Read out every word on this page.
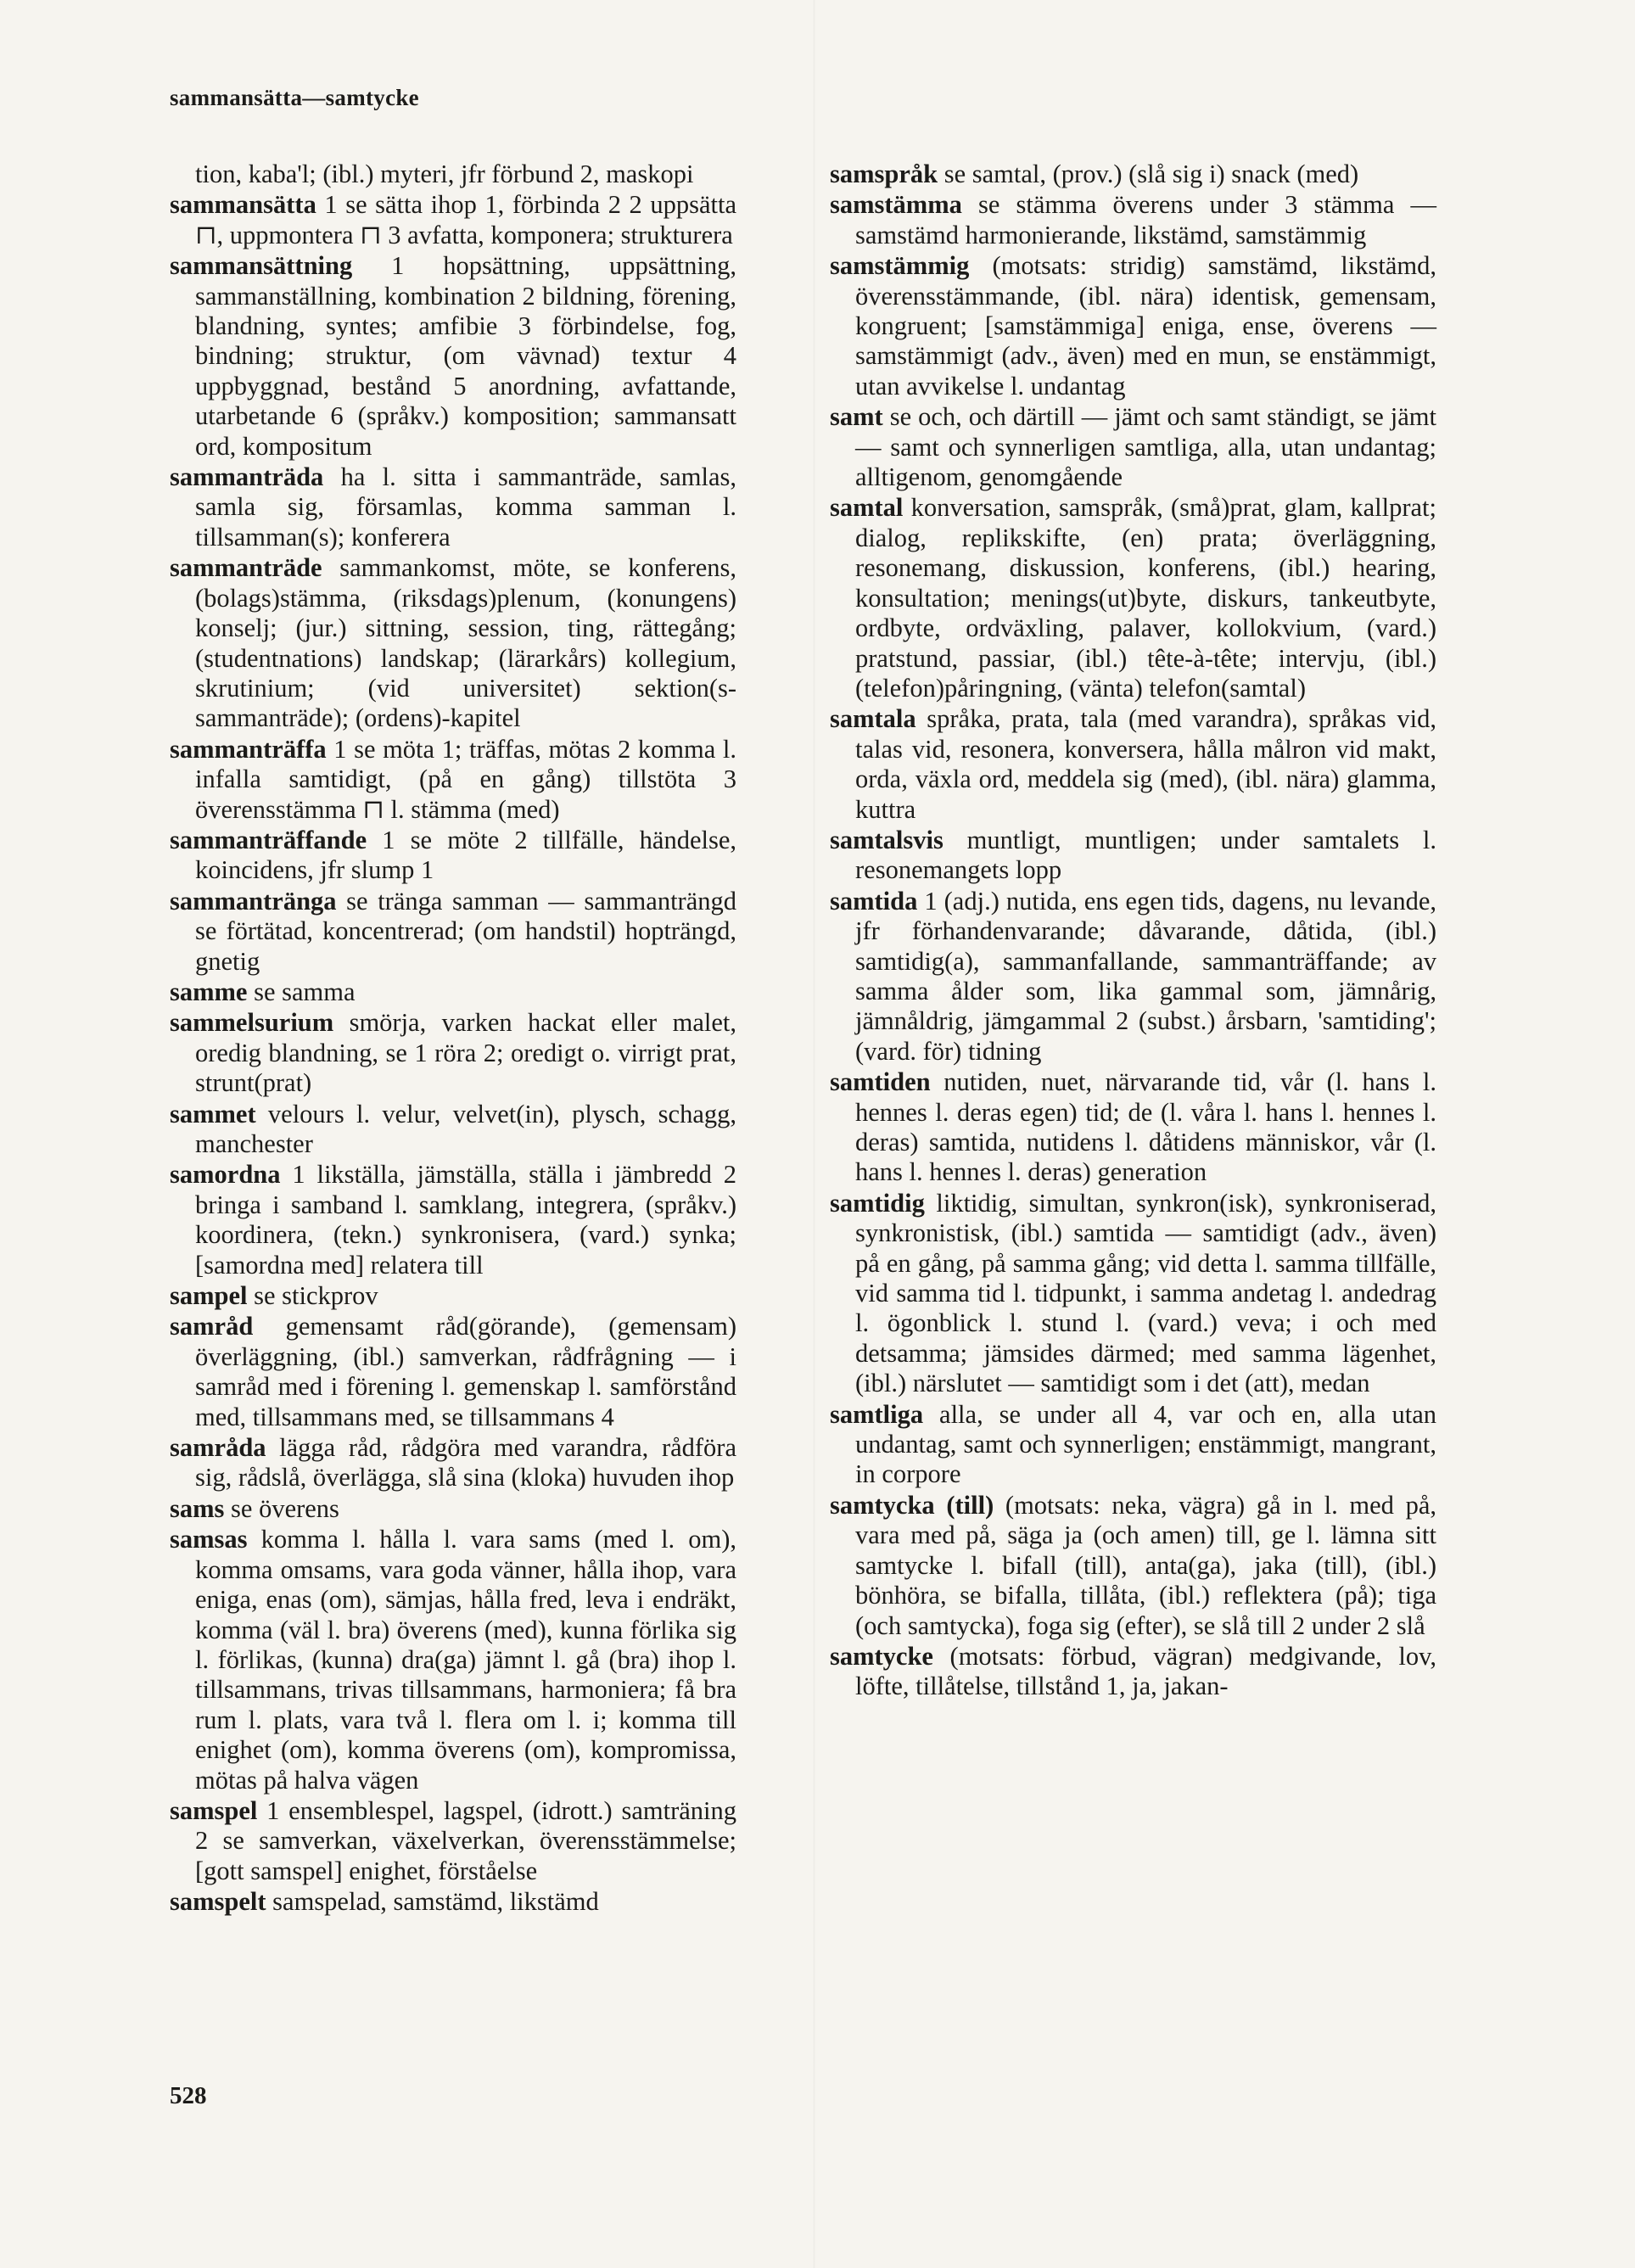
sammansätta—samtycke
tion, kaba'l; (ibl.) myteri, jfr förbund 2, maskopi
sammansätta 1 se sätta ihop 1, förbinda 2 2 uppsätta ⊓, uppmontera ⊓ 3 avfatta, komponera; strukturera
sammansättning 1 hopsättning, uppsättning, sammanställning, kombination 2 bildning, förening, blandning, syntes; amfibie 3 förbindelse, fog, bindning; struktur, (om vävnad) textur 4 uppbyggnad, bestånd 5 anordning, avfattande, utarbetande 6 (språkv.) komposition; sammansatt ord, kompositum
sammanträda ha l. sitta i sammanträde, samlas, samla sig, församlas, komma samman l. tillsamman(s); konferera
sammanträde sammankomst, möte, se konferens, (bolags)stämma, (riksdags)plenum, (konungens) konselj; (jur.) sittning, session, ting, rättegång; (studentnations) landskap; (lärarkårs) kollegium, skrutinium; (vid universitet) sektion(s-sammanträde); (ordens)-kapitel
sammanträffa 1 se möta 1; träffas, mötas 2 komma l. infalla samtidigt, (på en gång) tillstöta 3 överensstämma ⊓ l. stämma (med)
sammanträffande 1 se möte 2 tillfälle, händelse, koincidens, jfr slump 1
sammantränga se tränga samman — sammanträngd se förtätad, koncentrerad; (om handstil) hopträngd, gnetig
samme se samma
sammelsurium smörja, varken hackat eller malet, oredig blandning, se 1 röra 2; oredigt o. virrigt prat, strunt(prat)
sammet velours l. velur, velvet(in), plysch, schagg, manchester
samordna 1 likställa, jämställa, ställa i jämbredd 2 bringa i samband l. samklang, integrera, (språkv.) koordinera, (tekn.) synkronisera, (vard.) synka; [samordna med] relatera till
sampel se stickprov
samråd gemensamt råd(görande), (gemensam) överläggning, (ibl.) samverkan, rådfrågning — i samråd med i förening l. gemenskap l. samförstånd med, tillsammans med, se tillsammans 4
samråda lägga råd, rådgöra med varandra, rådföra sig, rådslå, överlägga, slå sina (kloka) huvuden ihop
sams se överens
samsas komma l. hålla l. vara sams (med l. om), komma omsams, vara goda vänner, hålla ihop, vara eniga, enas (om), sämjas, hålla fred, leva i endräkt, komma (väl l. bra) överens (med), kunna förlika sig l. förlikas, (kunna) dra(ga) jämnt l. gå (bra) ihop l. tillsammans, trivas tillsammans, harmoniera; få bra rum l. plats, vara två l. flera om l. i; komma till enighet (om), komma överens (om), kompromissa, mötas på halva vägen
samspel 1 ensemblespel, lagspel, (idrott.) samträning 2 se samverkan, växelverkan, överensstämmelse; [gott samspel] enighet, förståelse
samspelt samspelad, samstämd, likstämd
samspråk se samtal, (prov.) (slå sig i) snack (med)
samstämma se stämma överens under 3 stämma — samstämd harmonierande, likstämd, samstämmig
samstämmig (motsats: stridig) samstämd, likstämd, överensstämmande, (ibl. nära) identisk, gemensam, kongruent; [samstämmiga] eniga, ense, överens — samstämmigt (adv., även) med en mun, se enstämmigt, utan avvikelse l. undantag
samt se och, och därtill — jämt och samt ständigt, se jämt — samt och synnerligen samtliga, alla, utan undantag; alltigenom, genomgående
samtal konversation, samspråk, (små)prat, glam, kallprat; dialog, replikskifte, (en) prata; överläggning, resonemang, diskussion, konferens, (ibl.) hearing, konsultation; menings(ut)byte, diskurs, tankeutbyte, ordbyte, ordväxling, palaver, kollokvium, (vard.) pratstund, passiar, (ibl.) tête-à-tête; intervju, (ibl.) (telefon)påringning, (vänta) telefon(samtal)
samtala språka, prata, tala (med varandra), språkas vid, talas vid, resonera, konversera, hålla målron vid makt, orda, växla ord, meddela sig (med), (ibl. nära) glamma, kuttra
samtalsvis muntligt, muntligen; under samtalets l. resonemangets lopp
samtida 1 (adj.) nutida, ens egen tids, dagens, nu levande, jfr förhandenvarande; dåvarande, dåtida, (ibl.) samtidig(a), sammanfallande, sammanträffande; av samma ålder som, lika gammal som, jämnårig, jämnåldrig, jämgammal 2 (subst.) årsbarn, 'samtiding'; (vard. för) tidning
samtiden nutiden, nuet, närvarande tid, vår (l. hans l. hennes l. deras egen) tid; de (l. våra l. hans l. hennes l. deras) samtida, nutidens l. dåtidens människor, vår (l. hans l. hennes l. deras) generation
samtidig liktidig, simultan, synkron(isk), synkroniserad, synkronistisk, (ibl.) samtida — samtidigt (adv., även) på en gång, på samma gång; vid detta l. samma tillfälle, vid samma tid l. tidpunkt, i samma andetag l. andedrag l. ögonblick l. stund l. (vard.) veva; i och med detsamma; jämsides därmed; med samma lägenhet, (ibl.) närslutet — samtidigt som i det (att), medan
samtliga alla, se under all 4, var och en, alla utan undantag, samt och synnerligen; enstämmigt, mangrant, in corpore
samtycka (till) (motsats: neka, vägra) gå in l. med på, vara med på, säga ja (och amen) till, ge l. lämna sitt samtycke l. bifall (till), anta(ga), jaka (till), (ibl.) bönhöra, se bifalla, tillåta, (ibl.) reflektera (på); tiga (och samtycka), foga sig (efter), se slå till 2 under 2 slå
samtycke (motsats: förbud, vägran) medgivande, lov, löfte, tillåtelse, tillstånd 1, ja, jakan-
528
